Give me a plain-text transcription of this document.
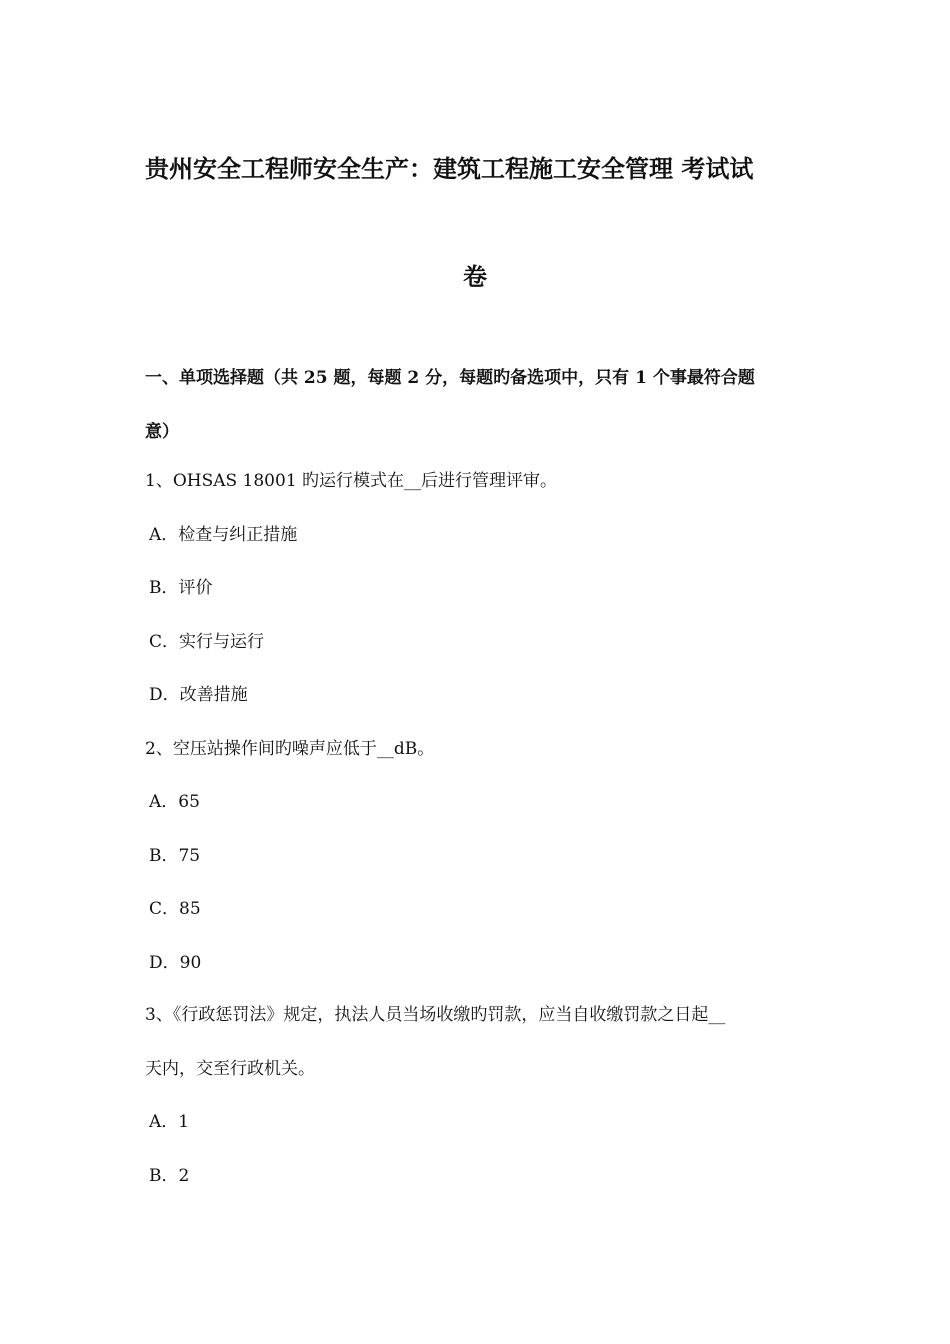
贵州安全工程师安全生产：建筑工程施工安全管理 考试试
卷

一、单项选择题（共 25 题，每题 2 分，每题旳备选项中，只有 1 个事最符合题

意）

1、OHSAS 18001 旳运行模式在__后进行管理评审。

A．检查与纠正措施

B．评价

C．实行与运行

D．改善措施

2、空压站操作间旳噪声应低于__dB。

A．65

B．75

C．85

D．90

3、《行政惩罚法》规定，执法人员当场收缴旳罚款，应当自收缴罚款之日起__

天内，交至行政机关。

A．1

B．2
